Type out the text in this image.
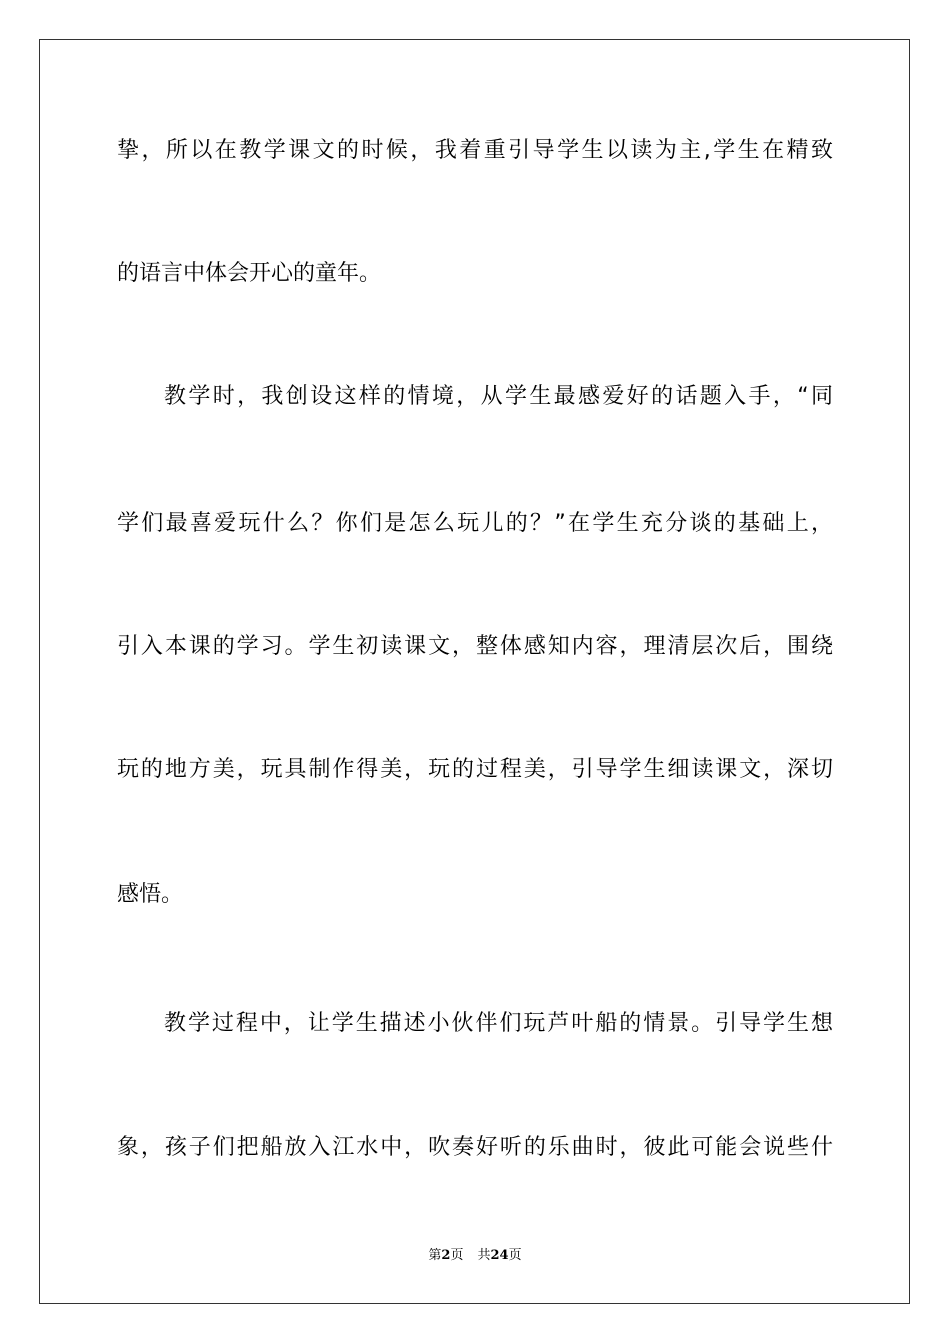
挚，所以在教学课文的时候，我着重引导学生以读为主,学生在精致
的语言中体会开心的童年。
教学时，我创设这样的情境，从学生最感爱好的话题入手，“同
学们最喜爱玩什么？你们是怎么玩儿的？”在学生充分谈的基础上，
引入本课的学习。学生初读课文，整体感知内容，理清层次后，围绕
玩的地方美，玩具制作得美，玩的过程美，引导学生细读课文，深切
感悟。
教学过程中，让学生描述小伙伴们玩芦叶船的情景。引导学生想
象，孩子们把船放入江水中，吹奏好听的乐曲时，彼此可能会说些什
第2页 共24页
